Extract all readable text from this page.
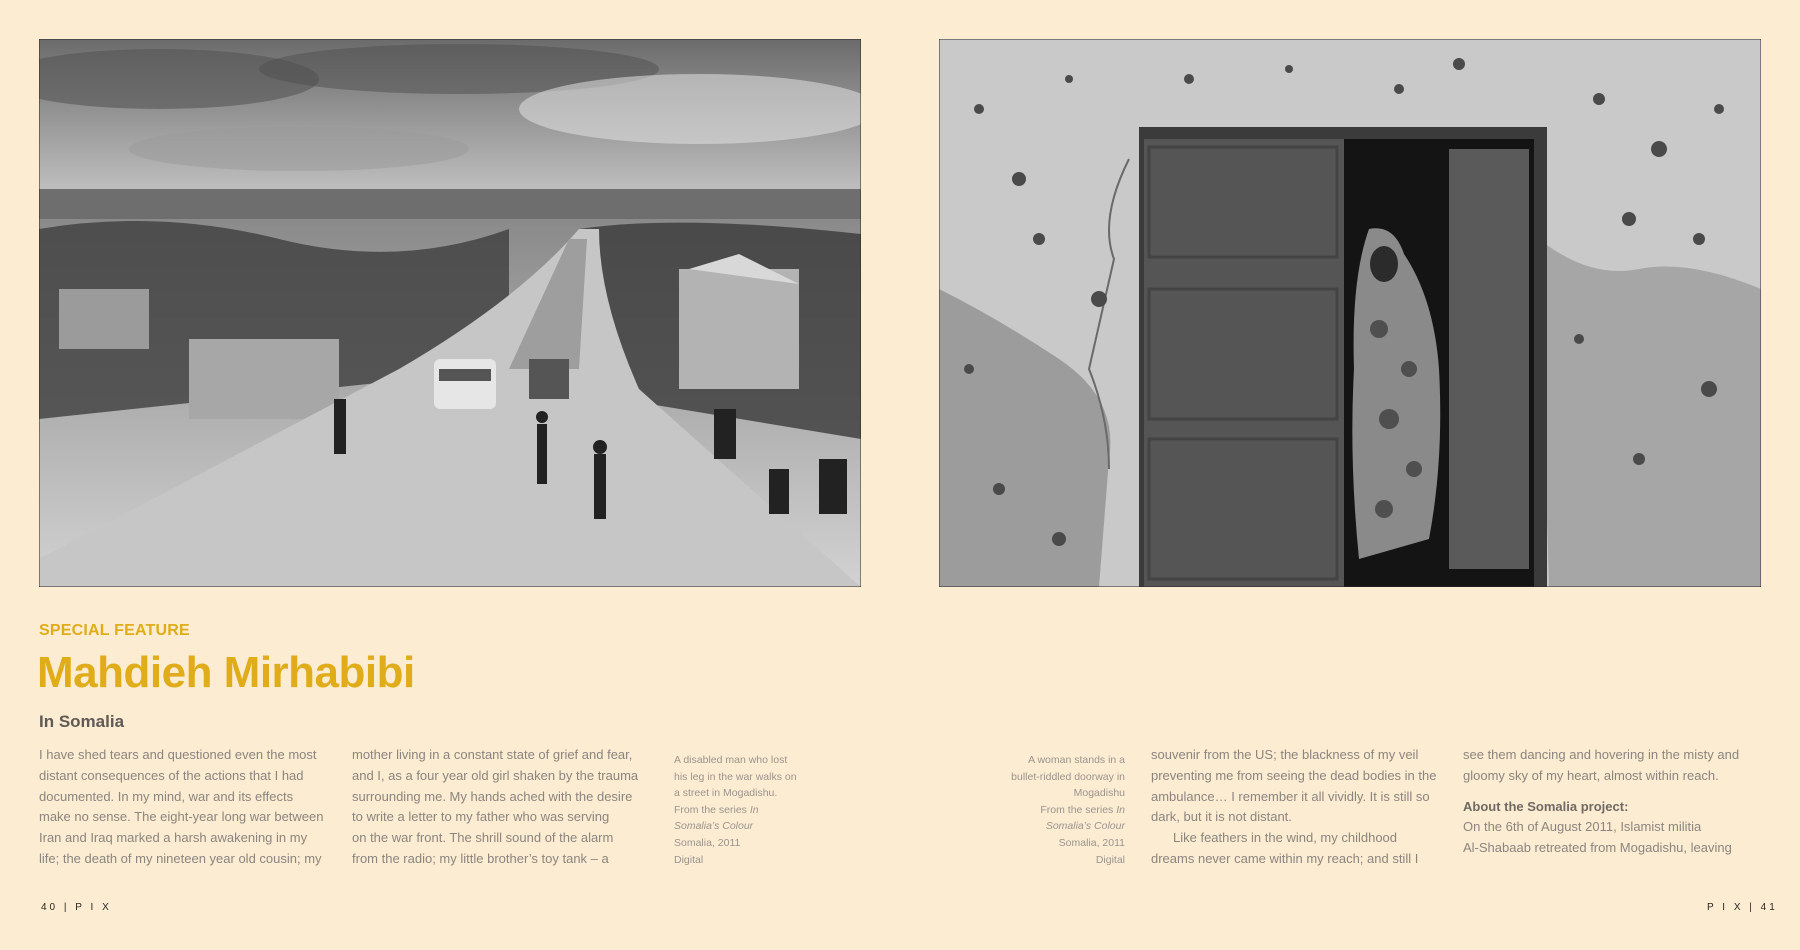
SPECIAL FEATURE
Mahdieh Mirhabibi
In Somalia

I have shed tears and questioned even the most

distant consequences of the actions that I had

documented. In my mind, war and its effects

make no sense. The eight-year long war between

Iran and Iraq marked a harsh awakening in my

life; the death of my nineteen year old cousin; my

mother living in a constant state of grief and fear,

and I, as a four year old girl shaken by the trauma

surrounding me. My hands ached with the desire

to write a letter to my father who was serving

on the war front. The shrill sound of the alarm

from the radio; my little brother’s toy tank – a

A disabled man who lost
his leg in the war walks on
a street in Mogadishu.
From the series In
Somalia’s Colour
Somalia, 2011
Digital
A woman stands in a
bullet-riddled doorway in
Mogadishu
From the series In
Somalia’s Colour
Somalia, 2011
Digital

souvenir from the US; the blackness of my veil

preventing me from seeing the dead bodies in the

ambulance… I remember it all vividly. It is still so

dark, but it is not distant.

Like feathers in the wind, my childhood

dreams never came within my reach; and still I

see them dancing and hovering in the misty and

gloomy sky of my heart, almost within reach.

About the Somalia project:

On the 6th of August 2011, Islamist militia

Al-Shabaab retreated from Mogadishu, leaving

40 | P I X	P I X | 41
